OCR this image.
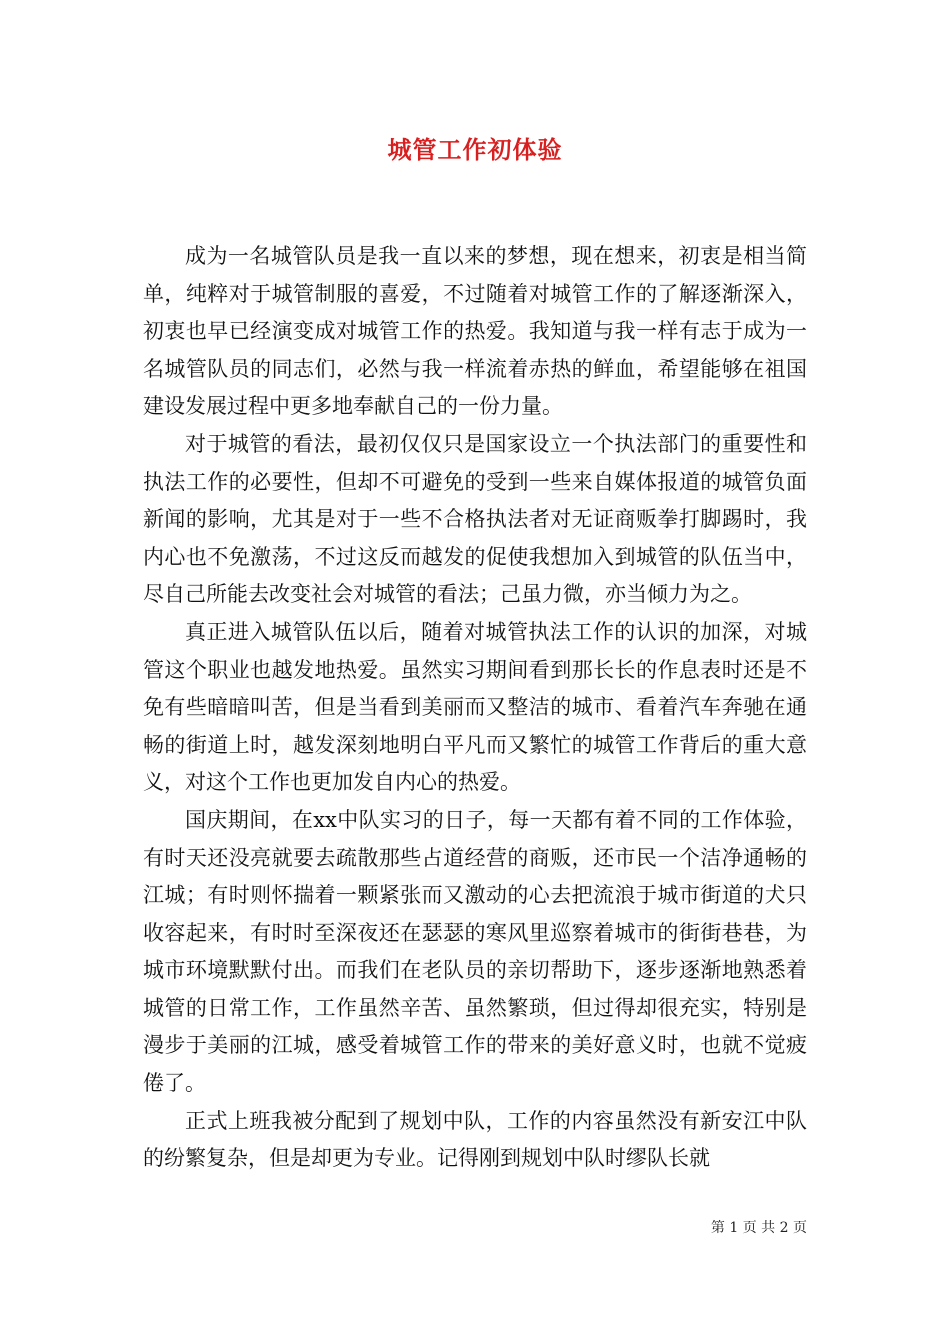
城管工作初体验

成为一名城管队员是我一直以来的梦想，现在想来，初衷是相当简单，纯粹对于城管制服的喜爱，不过随着对城管工作的了解逐渐深入，初衷也早已经演变成对城管工作的热爱。我知道与我一样有志于成为一名城管队员的同志们，必然与我一样流着赤热的鲜血，希望能够在祖国建设发展过程中更多地奉献自己的一份力量。

对于城管的看法，最初仅仅只是国家设立一个执法部门的重要性和执法工作的必要性，但却不可避免的受到一些来自媒体报道的城管负面新闻的影响，尤其是对于一些不合格执法者对无证商贩拳打脚踢时，我内心也不免激荡，不过这反而越发的促使我想加入到城管的队伍当中，尽自己所能去改变社会对城管的看法；己虽力微，亦当倾力为之。

真正进入城管队伍以后，随着对城管执法工作的认识的加深，对城管这个职业也越发地热爱。虽然实习期间看到那长长的作息表时还是不免有些暗暗叫苦，但是当看到美丽而又整洁的城市、看着汽车奔驰在通畅的街道上时，越发深刻地明白平凡而又繁忙的城管工作背后的重大意义，对这个工作也更加发自内心的热爱。

国庆期间，在xx中队实习的日子，每一天都有着不同的工作体验，有时天还没亮就要去疏散那些占道经营的商贩，还市民一个洁净通畅的江城；有时则怀揣着一颗紧张而又激动的心去把流浪于城市街道的犬只收容起来，有时时至深夜还在瑟瑟的寒风里巡察着城市的街街巷巷，为城市环境默默付出。而我们在老队员的亲切帮助下，逐步逐渐地熟悉着城管的日常工作，工作虽然辛苦、虽然繁琐，但过得却很充实，特别是漫步于美丽的江城，感受着城管工作的带来的美好意义时，也就不觉疲倦了。

正式上班我被分配到了规划中队，工作的内容虽然没有新安江中队的纷繁复杂，但是却更为专业。记得刚到规划中队时缪队长就

第 1 页 共 2 页
